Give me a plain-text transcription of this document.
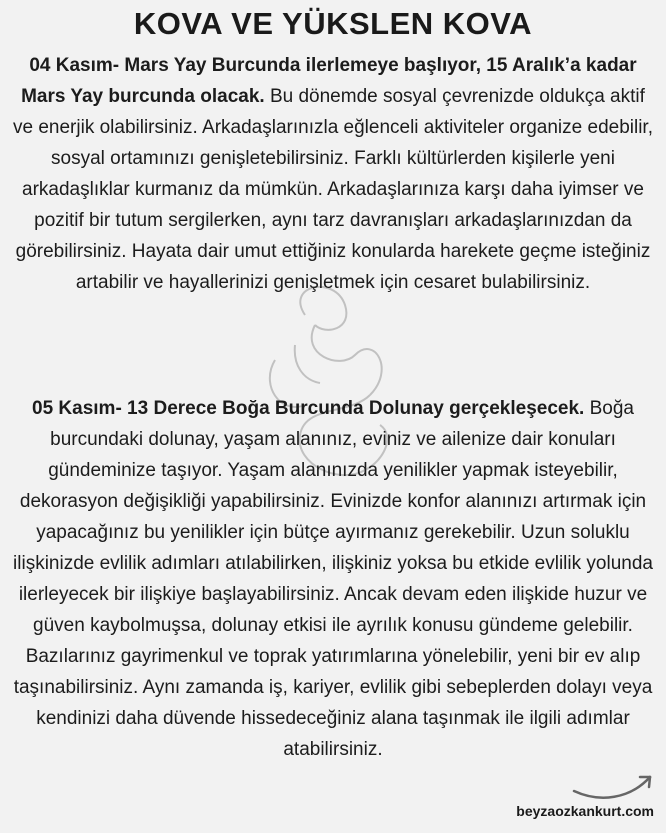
KOVA VE YÜKSLEN KOVA
04 Kasım- Mars Yay Burcunda ilerlemeye başlıyor, 15 Aralık’a kadar Mars Yay burcunda olacak. Bu dönemde sosyal çevrenizde oldukça aktif ve enerjik olabilirsiniz. Arkadaşlarınızla eğlenceli aktiviteler organize edebilir, sosyal ortamınızı genişletebilirsiniz. Farklı kültürlerden kişilerle yeni arkadaşlıklar kurmanız da mümkün. Arkadaşlarınıza karşı daha iyimser ve pozitif bir tutum sergilerken, aynı tarz davranışları arkadaşlarınızdan da görebilirsiniz. Hayata dair umut ettiğiniz konularda harekete geçme isteğiniz artabilir ve hayallerinizi genişletmek için cesaret bulabilirsiniz.
05 Kasım- 13 Derece Boğa Burcunda Dolunay gerçekleşecek. Boğa burcundaki dolunay, yaşam alanınız, eviniz ve ailenize dair konuları gündeminize taşıyor. Yaşam alanınızda yenilikler yapmak isteyebilir, dekorasyon değişikliği yapabilirsiniz. Evinizde konfor alanınızı artırmak için yapacağınız bu yenilikler için bütçe ayırmanız gerekebilir. Uzun soluklu ilişkinizde evlilik adımları atılabilirken, ilişkiniz yoksa bu etkide evlilik yolunda ilerleyecek bir ilişkiye başlayabilirsiniz. Ancak devam eden ilişkide huzur ve güven kaybolmuşsa, dolunay etkisi ile ayrılık konusu gündeme gelebilir. Bazılarınız gayrimenkul ve toprak yatırımlarına yönelebilir, yeni bir ev alıp taşınabilirsiniz. Aynı zamanda iş, kariyer, evlilik gibi sebeplerden dolayı veya kendinizi daha düvende hissedeceğiniz alana taşınmak ile ilgili adımlar atabilirsiniz.
beyzaozkankurt.com
